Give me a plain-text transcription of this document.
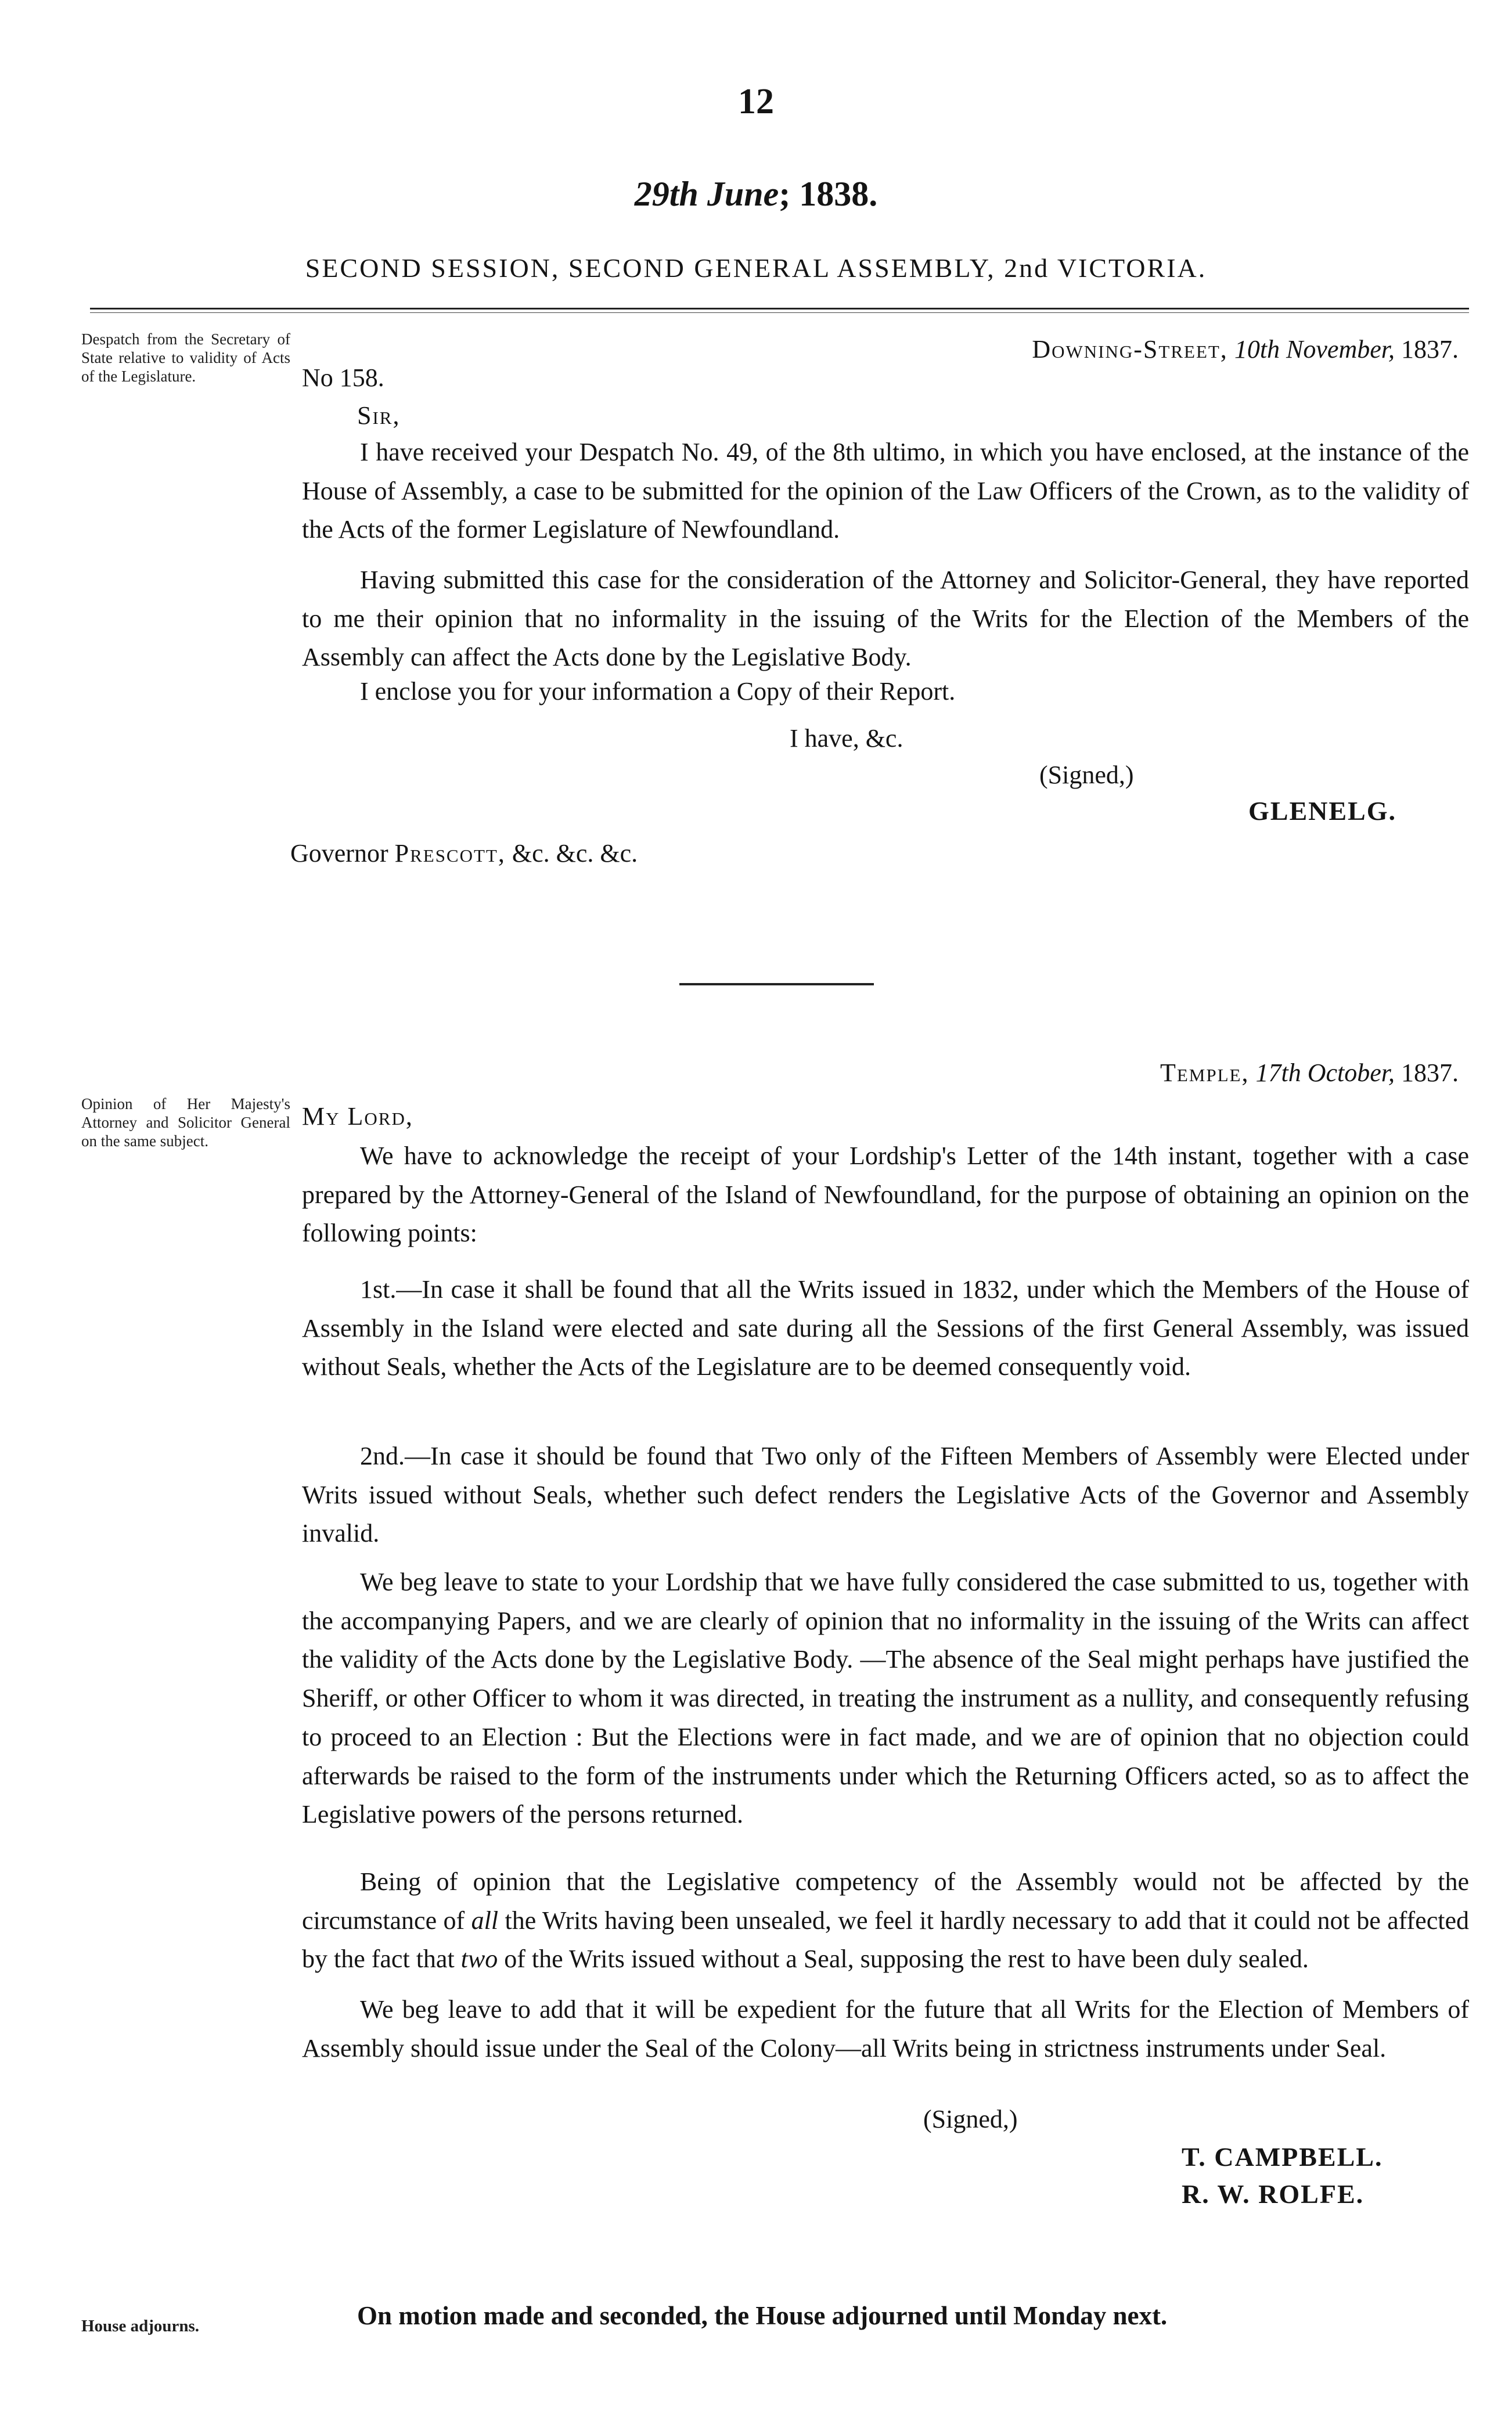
12
29th June; 1838.
SECOND SESSION, SECOND GENERAL ASSEMBLY, 2nd VICTORIA.
Despatch from the Secretary of State relative to validity of Acts of the Legislature.
Downing-Street, 10th November, 1837.
No 158.
Sir,
I have received your Despatch No. 49, of the 8th ultimo, in which you have enclosed, at the instance of the House of Assembly, a case to be submitted for the opinion of the Law Officers of the Crown, as to the validity of the Acts of the former Legislature of Newfoundland.
Having submitted this case for the consideration of the Attorney and Solicitor-General, they have reported to me their opinion that no informality in the issuing of the Writs for the Election of the Members of the Assembly can affect the Acts done by the Legislative Body.
I enclose you for your information a Copy of their Report.
I have, &c.
(Signed,)
GLENELG.
Governor Prescott, &c. &c. &c.
Temple, 17th October, 1837.
Opinion of Her Majesty's Attorney and Solicitor General on the same subject.
My Lord,
We have to acknowledge the receipt of your Lordship's Letter of the 14th instant, together with a case prepared by the Attorney-General of the Island of Newfoundland, for the purpose of obtaining an opinion on the following points:
1st.—In case it shall be found that all the Writs issued in 1832, under which the Members of the House of Assembly in the Island were elected and sate during all the Sessions of the first General Assembly, was issued without Seals, whether the Acts of the Legislature are to be deemed consequently void.
2nd.—In case it should be found that Two only of the Fifteen Members of Assembly were Elected under Writs issued without Seals, whether such defect renders the Legislative Acts of the Governor and Assembly invalid.
We beg leave to state to your Lordship that we have fully considered the case submitted to us, together with the accompanying Papers, and we are clearly of opinion that no informality in the issuing of the Writs can affect the validity of the Acts done by the Legislative Body. —The absence of the Seal might perhaps have justified the Sheriff, or other Officer to whom it was directed, in treating the instrument as a nullity, and consequently refusing to proceed to an Election : But the Elections were in fact made, and we are of opinion that no objection could afterwards be raised to the form of the instruments under which the Returning Officers acted, so as to affect the Legislative powers of the persons returned.
Being of opinion that the Legislative competency of the Assembly would not be affected by the circumstance of all the Writs having been unsealed, we feel it hardly necessary to add that it could not be affected by the fact that two of the Writs issued without a Seal, supposing the rest to have been duly sealed.
We beg leave to add that it will be expedient for the future that all Writs for the Election of Members of Assembly should issue under the Seal of the Colony—all Writs being in strictness instruments under Seal.
(Signed,)
T. CAMPBELL.
R. W. ROLFE.
House adjourns.	On motion made and seconded, the House adjourned until Monday next.
